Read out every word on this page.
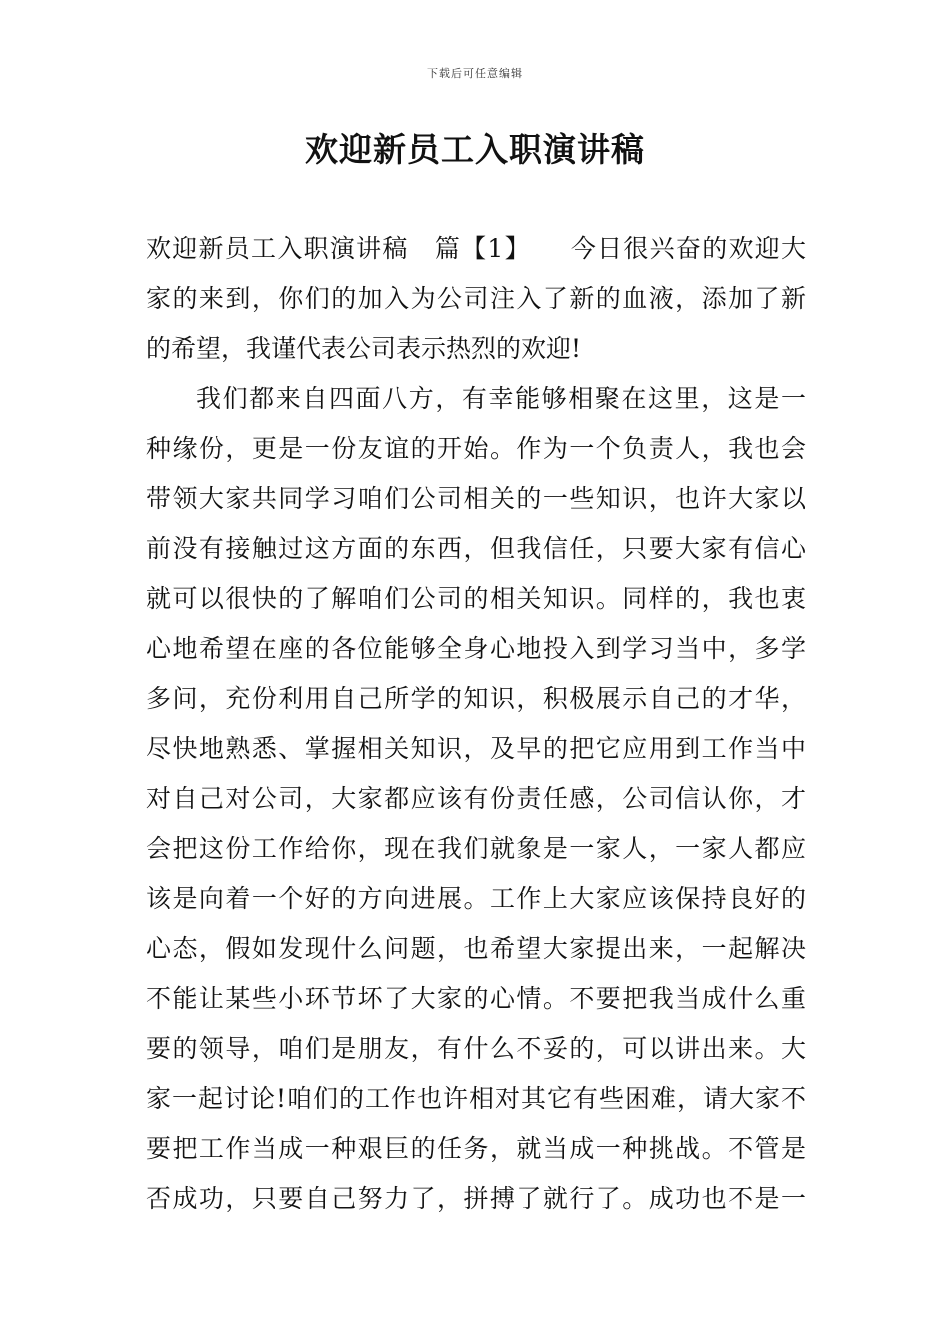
下载后可任意编辑
欢迎新员工入职演讲稿
欢迎新员工入职演讲稿　篇【1】　　今日很兴奋的欢迎大
家的来到，你们的加入为公司注入了新的血液，添加了新
的希望，我谨代表公司表示热烈的欢迎!
我们都来自四面八方，有幸能够相聚在这里，这是一
种缘份，更是一份友谊的开始。作为一个负责人，我也会
带领大家共同学习咱们公司相关的一些知识，也许大家以
前没有接触过这方面的东西，但我信任，只要大家有信心
就可以很快的了解咱们公司的相关知识。同样的，我也衷
心地希望在座的各位能够全身心地投入到学习当中，多学
多问，充份利用自己所学的知识，积极展示自己的才华，
尽快地熟悉、掌握相关知识，及早的把它应用到工作当中
对自己对公司，大家都应该有份责任感，公司信认你，才
会把这份工作给你，现在我们就象是一家人，一家人都应
该是向着一个好的方向进展。工作上大家应该保持良好的
心态，假如发现什么问题，也希望大家提出来，一起解决
不能让某些小环节坏了大家的心情。不要把我当成什么重
要的领导，咱们是朋友，有什么不妥的，可以讲出来。大
家一起讨论!咱们的工作也许相对其它有些困难，请大家不
要把工作当成一种艰巨的任务，就当成一种挑战。不管是
否成功，只要自己努力了，拼搏了就行了。成功也不是一
